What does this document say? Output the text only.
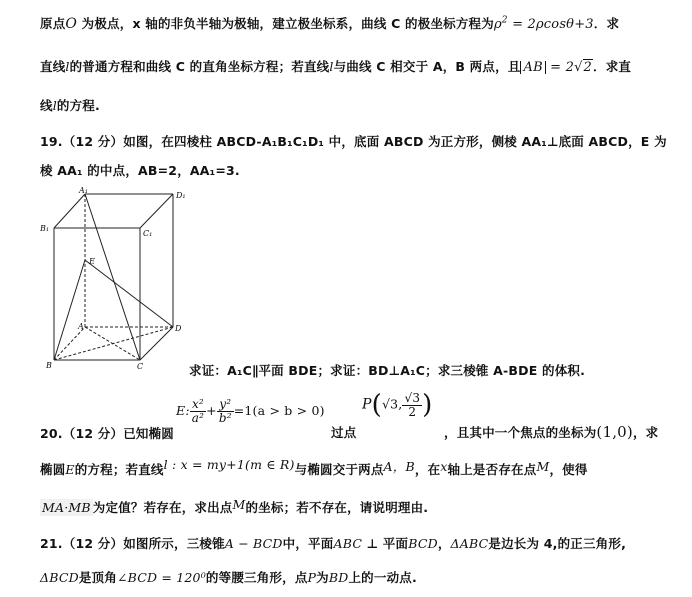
原点O 为极点，x 轴的非负半轴为极轴，建立极坐标系，曲线 C 的极坐标方程为$\rho^2 = 2\rho\cos\theta+3$．求
直线l的普通方程和曲线 C 的直角坐标方程；若直线l与曲线 C 相交于 A，B 两点，且 AB = 2√2．求直
线l的方程.
19.（12 分）如图，在四棱柱 ABCD-A₁B₁C₁D₁ 中，底面 ABCD 为正方形，侧棱 AA₁⊥底面 ABCD，E 为
棱 AA₁ 的中点，AB=2，AA₁=3.
A₁
D₁
B₁
C₁
E
A	D
B	C	求证：A₁C∥平面 BDE；求证：BD⊥A₁C；求三棱锥 A-BDE 的体积.
20.（12 分）已知椭圆
E: $\frac{\text{x²}}{\text{a²}} + \frac{\text{y²}}{\text{b²}} =1(a > b > 0)$
过点
P(√3, $\frac{√3}{2}$ )
，且其中一个焦点的坐标为(1,0)，求
椭圆E的方程；若直线l : x = my+1(m ∈ R)与椭圆交于两点A，B，在x轴上是否存在点M，使得
MA·MB 为定值？若存在，求出点M的坐标；若不存在，请说明理由.
21.（12 分）如图所示，三棱锥A − BCD中，平面ABC ⊥ 平面BCD，ΔABC是边长为 4,的正三角形,
ΔBCD是顶角∠BCD = 120⁰的等腰三角形，点P为BD上的一动点.
